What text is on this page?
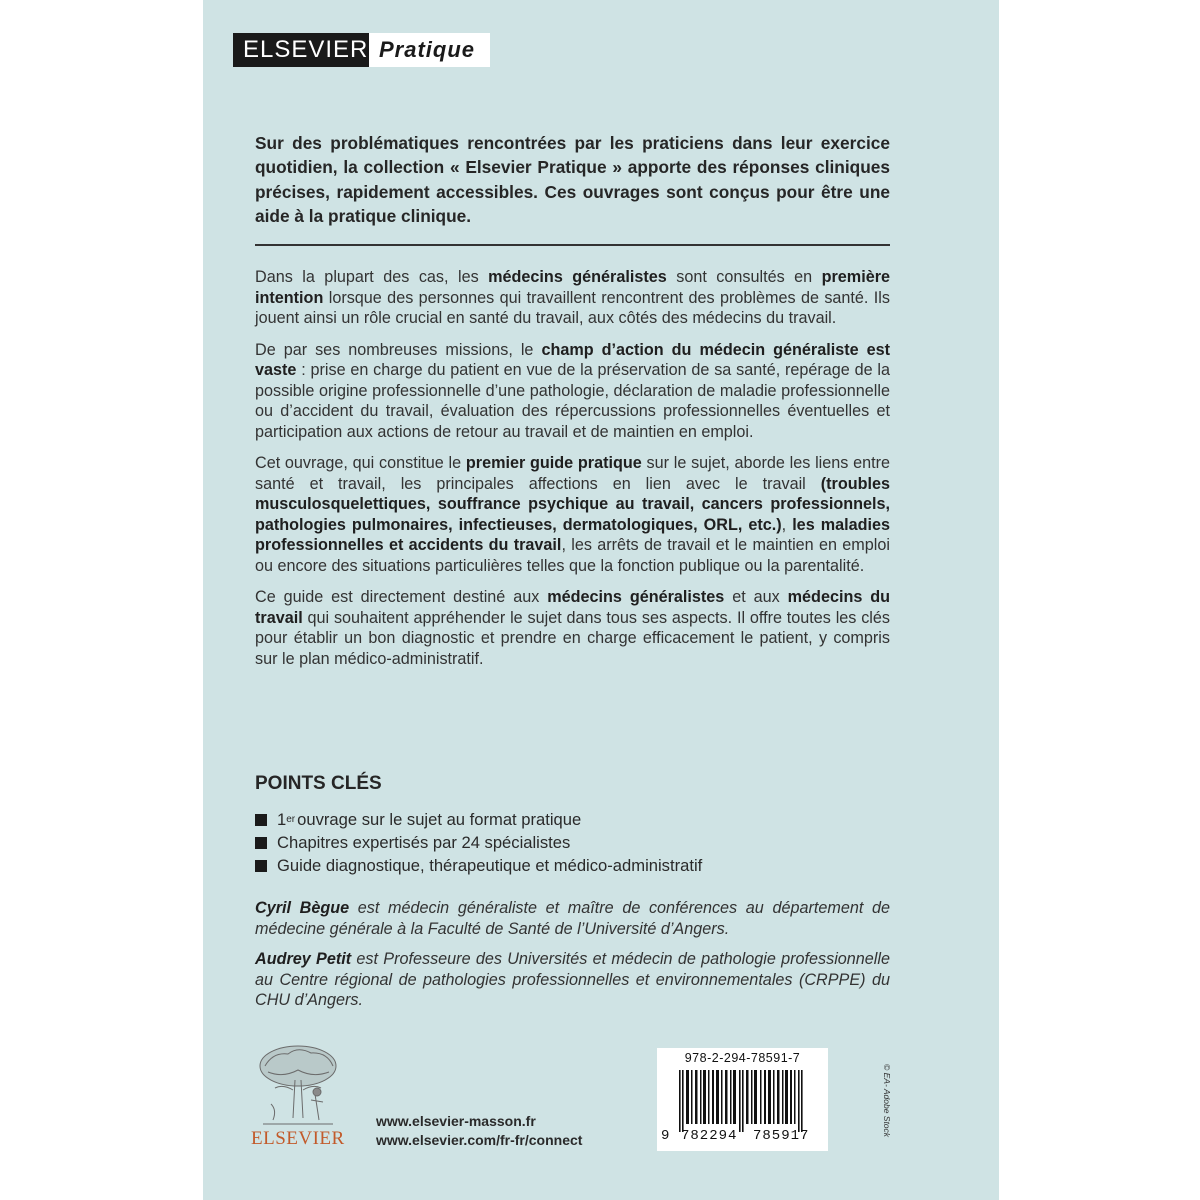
ELSEVIER Pratique
Sur des problématiques rencontrées par les praticiens dans leur exercice quotidien, la collection « Elsevier Pratique » apporte des réponses cliniques précises, rapidement accessibles. Ces ouvrages sont conçus pour être une aide à la pratique clinique.

Dans la plupart des cas, les médecins généralistes sont consultés en première intention lorsque des personnes qui travaillent rencontrent des problèmes de santé. Ils jouent ainsi un rôle crucial en santé du travail, aux côtés des médecins du travail.

De par ses nombreuses missions, le champ d’action du médecin généraliste est vaste : prise en charge du patient en vue de la préservation de sa santé, repérage de la possible origine professionnelle d’une pathologie, déclaration de maladie professionnelle ou d’accident du travail, évaluation des répercussions professionnelles éventuelles et participation aux actions de retour au travail et de maintien en emploi.

Cet ouvrage, qui constitue le premier guide pratique sur le sujet, aborde les liens entre santé et travail, les principales affections en lien avec le travail (troubles musculosquelettiques, souffrance psychique au travail, cancers professionnels, pathologies pulmonaires, infectieuses, dermatologiques, ORL, etc.), les maladies professionnelles et accidents du travail, les arrêts de travail et le maintien en emploi ou encore des situations particulières telles que la fonction publique ou la parentalité.

Ce guide est directement destiné aux médecins généralistes et aux médecins du travail qui souhaitent appréhender le sujet dans tous ses aspects. Il offre toutes les clés pour établir un bon diagnostic et prendre en charge efficacement le patient, y compris sur le plan médico-administratif.

POINTS CLÉS
1 er ouvrage sur le sujet au format pratique
Chapitres expertisés par 24 spécialistes
Guide diagnostique, thérapeutique et médico-administratif

Cyril Bègue est médecin généraliste et maître de conférences au département de médecine générale à la Faculté de Santé de l’Université d’Angers.

Audrey Petit est Professeure des Universités et médecin de pathologie professionnelle au Centre régional de pathologies professionnelles et environnementales (CRPPE) du CHU d’Angers.

ELSEVIER
www.elsevier-masson.fr
www.elsevier.com/fr-fr/connect
978-2-294-78591-7
9 782294	785917	© EA- Adobe Stock
